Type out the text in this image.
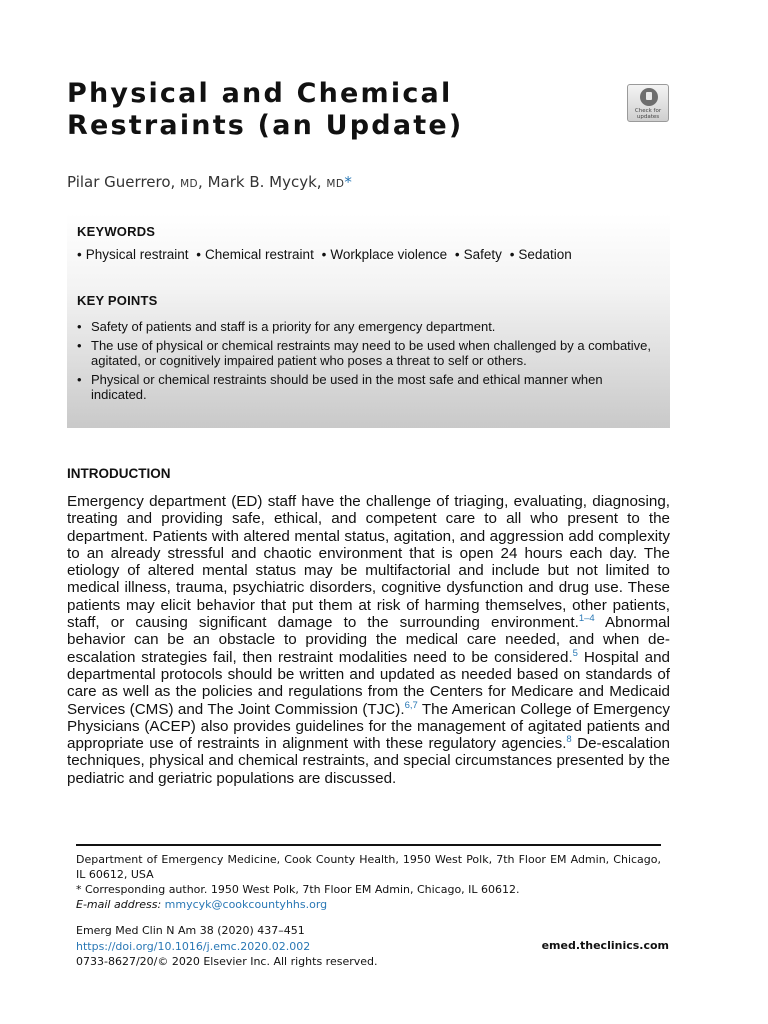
Physical and Chemical
Restraints (an Update)	Check for updates

Pilar Guerrero, MD, Mark B. Mycyk, MD*

KEYWORDS

• Physical restraint • Chemical restraint • Workplace violence • Safety • Sedation

KEY POINTS
• Safety of patients and staff is a priority for any emergency department.
• The use of physical or chemical restraints may need to be used when challenged by a combative, agitated, or cognitively impaired patient who poses a threat to self or others.
• Physical or chemical restraints should be used in the most safe and ethical manner when indicated.
INTRODUCTION

Emergency department (ED) staff have the challenge of triaging, evaluating, diagnosing, treating and providing safe, ethical, and competent care to all who present to the department. Patients with altered mental status, agitation, and aggression add complexity to an already stressful and chaotic environment that is open 24 hours each day. The etiology of altered mental status may be multifactorial and include but not limited to medical illness, trauma, psychiatric disorders, cognitive dysfunction and drug use. These patients may elicit behavior that put them at risk of harming themselves, other patients, staff, or causing significant damage to the surrounding environment.$^{1-4}$ Abnormal behavior can be an obstacle to providing the medical care needed, and when de-escalation strategies fail, then restraint modalities need to be considered.$^5$ Hospital and departmental protocols should be written and updated as needed based on standards of care as well as the policies and regulations from the Centers for Medicare and Medicaid Services (CMS) and The Joint Commission (TJC).$^{6,7}$ The American College of Emergency Physicians (ACEP) also provides guidelines for the management of agitated patients and appropriate use of restraints in alignment with these regulatory agencies.$^8$ De-escalation techniques, physical and chemical restraints, and special circumstances presented by the pediatric and geriatric populations are discussed.

Department of Emergency Medicine, Cook County Health, 1950 West Polk, 7th Floor EM Admin, Chicago, IL 60612, USA

* Corresponding author. 1950 West Polk, 7th Floor EM Admin, Chicago, IL 60612.

E-mail address: mmycyk@cookcountyhhs.org

Emerg Med Clin N Am 38 (2020) 437–451

https://doi.org/10.1016/j.emc.2020.02.002

0733-8627/20/© 2020 Elsevier Inc. All rights reserved.

emed.theclinics.com
